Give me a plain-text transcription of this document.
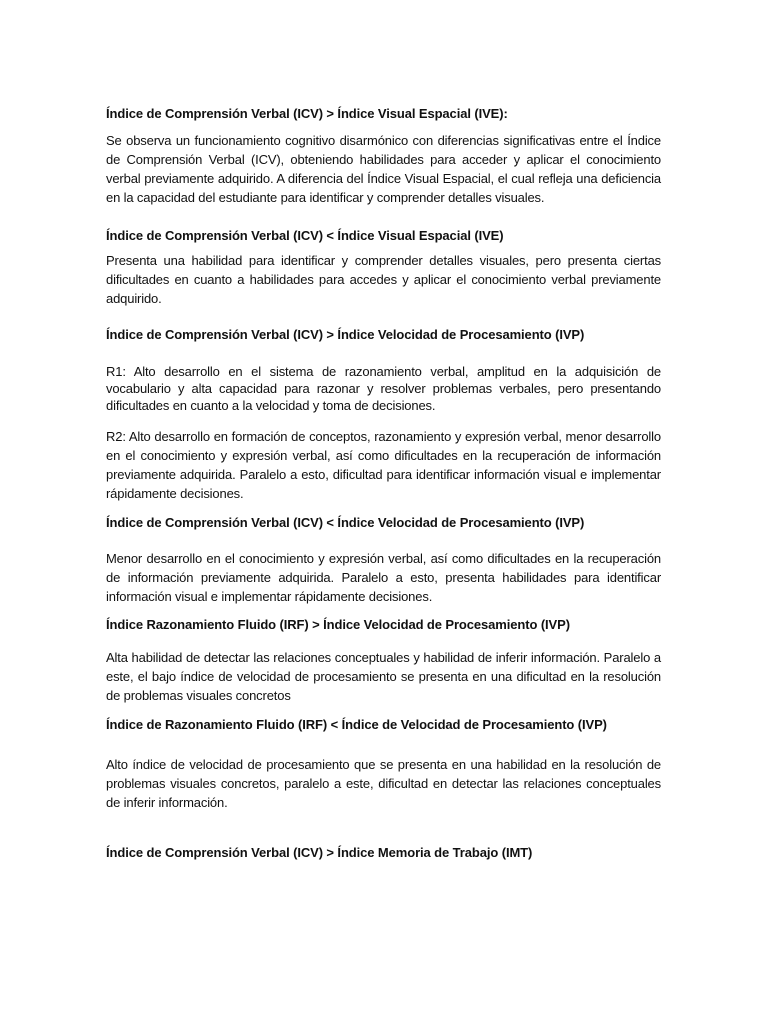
Índice de Comprensión Verbal (ICV) > Índice Visual Espacial (IVE):

Se observa un funcionamiento cognitivo disarmónico con diferencias significativas entre el Índice de Comprensión Verbal (ICV), obteniendo habilidades para acceder y aplicar el conocimiento verbal previamente adquirido. A diferencia del Índice Visual Espacial, el cual refleja una deficiencia en la capacidad del estudiante para identificar y comprender detalles visuales.

Índice de Comprensión Verbal (ICV) < Índice Visual Espacial (IVE)

Presenta una habilidad para identificar y comprender detalles visuales, pero presenta ciertas dificultades en cuanto a habilidades para accedes y aplicar el conocimiento verbal previamente adquirido.

Índice de Comprensión Verbal (ICV) > Índice Velocidad de Procesamiento (IVP)

R1: Alto desarrollo en el sistema de razonamiento verbal, amplitud en la adquisición de vocabulario y alta capacidad para razonar y resolver problemas verbales, pero presentando dificultades en cuanto a la velocidad y toma de decisiones.

R2: Alto desarrollo en formación de conceptos, razonamiento y expresión verbal, menor desarrollo en el conocimiento y expresión verbal, así como dificultades en la recuperación de información previamente adquirida. Paralelo a esto, dificultad para identificar información visual e implementar rápidamente decisiones.

Índice de Comprensión Verbal (ICV) < Índice Velocidad de Procesamiento (IVP)

Menor desarrollo en el conocimiento y expresión verbal, así como dificultades en la recuperación de información previamente adquirida. Paralelo a esto, presenta habilidades para identificar información visual e implementar rápidamente decisiones.

Índice Razonamiento Fluido (IRF) > Índice Velocidad de Procesamiento (IVP)

Alta habilidad de detectar las relaciones conceptuales y habilidad de inferir información. Paralelo a este, el bajo índice de velocidad de procesamiento se presenta en una dificultad en la resolución de problemas visuales concretos

Índice de Razonamiento Fluido (IRF) < Índice de Velocidad de Procesamiento (IVP)

Alto índice de velocidad de procesamiento que se presenta en una habilidad en la resolución de problemas visuales concretos, paralelo a este, dificultad en detectar las relaciones conceptuales de inferir información.

Índice de Comprensión Verbal (ICV) > Índice Memoria de Trabajo (IMT)
